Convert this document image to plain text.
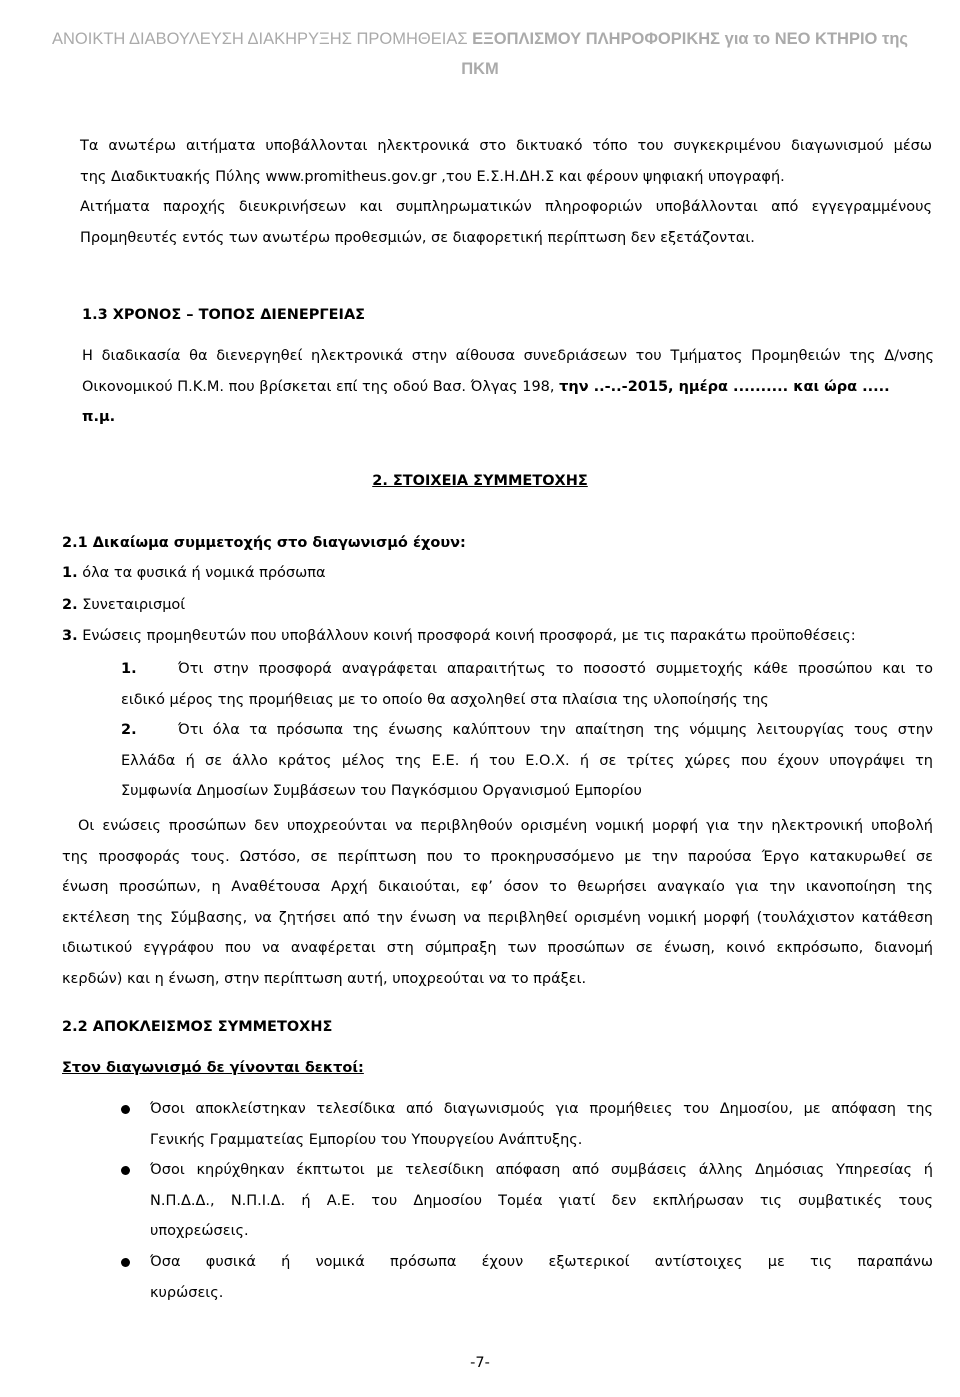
ΑΝΟΙΚΤΗ ΔΙΑΒΟΥΛΕΥΣΗ ΔΙΑΚΗΡΥΞΗΣ ΠΡΟΜΗΘΕΙΑΣ ΕΞΟΠΛΙΣΜΟΥ ΠΛΗΡΟΦΟΡΙΚΗΣ για το ΝΕΟ ΚΤΗΡΙΟ της
ΠΚΜ
Τα ανωτέρω αιτήματα υποβάλλονται ηλεκτρονικά στο δικτυακό τόπο του συγκεκριμένου διαγωνισμού μέσω
της Διαδικτυακής Πύλης www.promitheus.gov.gr ,του Ε.Σ.Η.ΔΗ.Σ και φέρουν ψηφιακή υπογραφή.
Αιτήματα παροχής διευκρινήσεων και συμπληρωματικών πληροφοριών υποβάλλονται από εγγεγραμμένους
Προμηθευτές εντός των ανωτέρω προθεσμιών, σε διαφορετική περίπτωση δεν εξετάζονται.
1.3 ΧΡΟΝΟΣ – ΤΟΠΟΣ ΔΙΕΝΕΡΓΕΙΑΣ
Η διαδικασία θα διενεργηθεί ηλεκτρονικά στην αίθουσα συνεδριάσεων του Τμήματος Προμηθειών της Δ/νσης
Οικονομικού Π.Κ.Μ. που βρίσκεται επί της οδού Βασ. Όλγας 198, την ..-..-2015, ημέρα .......... και ώρα .....
π.μ.
2. ΣΤΟΙΧΕΙΑ ΣΥΜΜΕΤΟΧΗΣ
2.1 Δικαίωμα συμμετοχής στο διαγωνισμό έχουν:
1. όλα τα φυσικά ή νομικά πρόσωπα
2. Συνεταιρισμοί
3. Ενώσεις προμηθευτών που υποβάλλουν κοινή προσφορά κοινή προσφορά, με τις παρακάτω προϋποθέσεις:
1.	Ότι στην προσφορά αναγράφεται απαραιτήτως το ποσοστό συμμετοχής κάθε προσώπου και το
ειδικό μέρος της προμήθειας με το οποίο θα ασχοληθεί στα πλαίσια της υλοποίησής της
2.	Ότι όλα τα πρόσωπα της ένωσης καλύπτουν την απαίτηση της νόμιμης λειτουργίας τους στην
Ελλάδα ή σε άλλο κράτος μέλος της Ε.Ε. ή του Ε.Ο.Χ. ή σε τρίτες χώρες που έχουν υπογράψει τη
Συμφωνία Δημοσίων Συμβάσεων του Παγκόσμιου Οργανισμού Εμπορίου
Οι ενώσεις προσώπων δεν υποχρεούνται να περιβληθούν ορισμένη νομική μορφή για την ηλεκτρονική υποβολή
της προσφοράς τους. Ωστόσο, σε περίπτωση που το προκηρυσσόμενο με την παρούσα Έργο κατακυρωθεί σε
ένωση προσώπων, η Αναθέτουσα Αρχή δικαιούται, εφ’ όσον το θεωρήσει αναγκαίο για την ικανοποίηση της
εκτέλεση της Σύμβασης, να ζητήσει από την ένωση να περιβληθεί ορισμένη νομική μορφή (τουλάχιστον κατάθεση
ιδιωτικού εγγράφου που να αναφέρεται στη σύμπραξη των προσώπων σε ένωση, κοινό εκπρόσωπο, διανομή
κερδών) και η ένωση, στην περίπτωση αυτή, υποχρεούται να το πράξει.
2.2 ΑΠΟΚΛΕΙΣΜΟΣ ΣΥΜΜΕΤΟΧΗΣ
Στον διαγωνισμό δε γίνονται δεκτοί:
Όσοι αποκλείστηκαν τελεσίδικα από διαγωνισμούς για προμήθειες του Δημοσίου, με απόφαση της
Γενικής Γραμματείας Εμπορίου του Υπουργείου Ανάπτυξης.
Όσοι κηρύχθηκαν έκπτωτοι με τελεσίδικη απόφαση από συμβάσεις άλλης Δημόσιας Υπηρεσίας ή
Ν.Π.Δ.Δ., Ν.Π.Ι.Δ. ή Α.Ε. του Δημοσίου Τομέα γιατί δεν εκπλήρωσαν τις συμβατικές τους
υποχρεώσεις.
Όσα φυσικά ή νομικά πρόσωπα έχουν εξωτερικοί αντίστοιχες με τις παραπάνω
κυρώσεις.
-7-
